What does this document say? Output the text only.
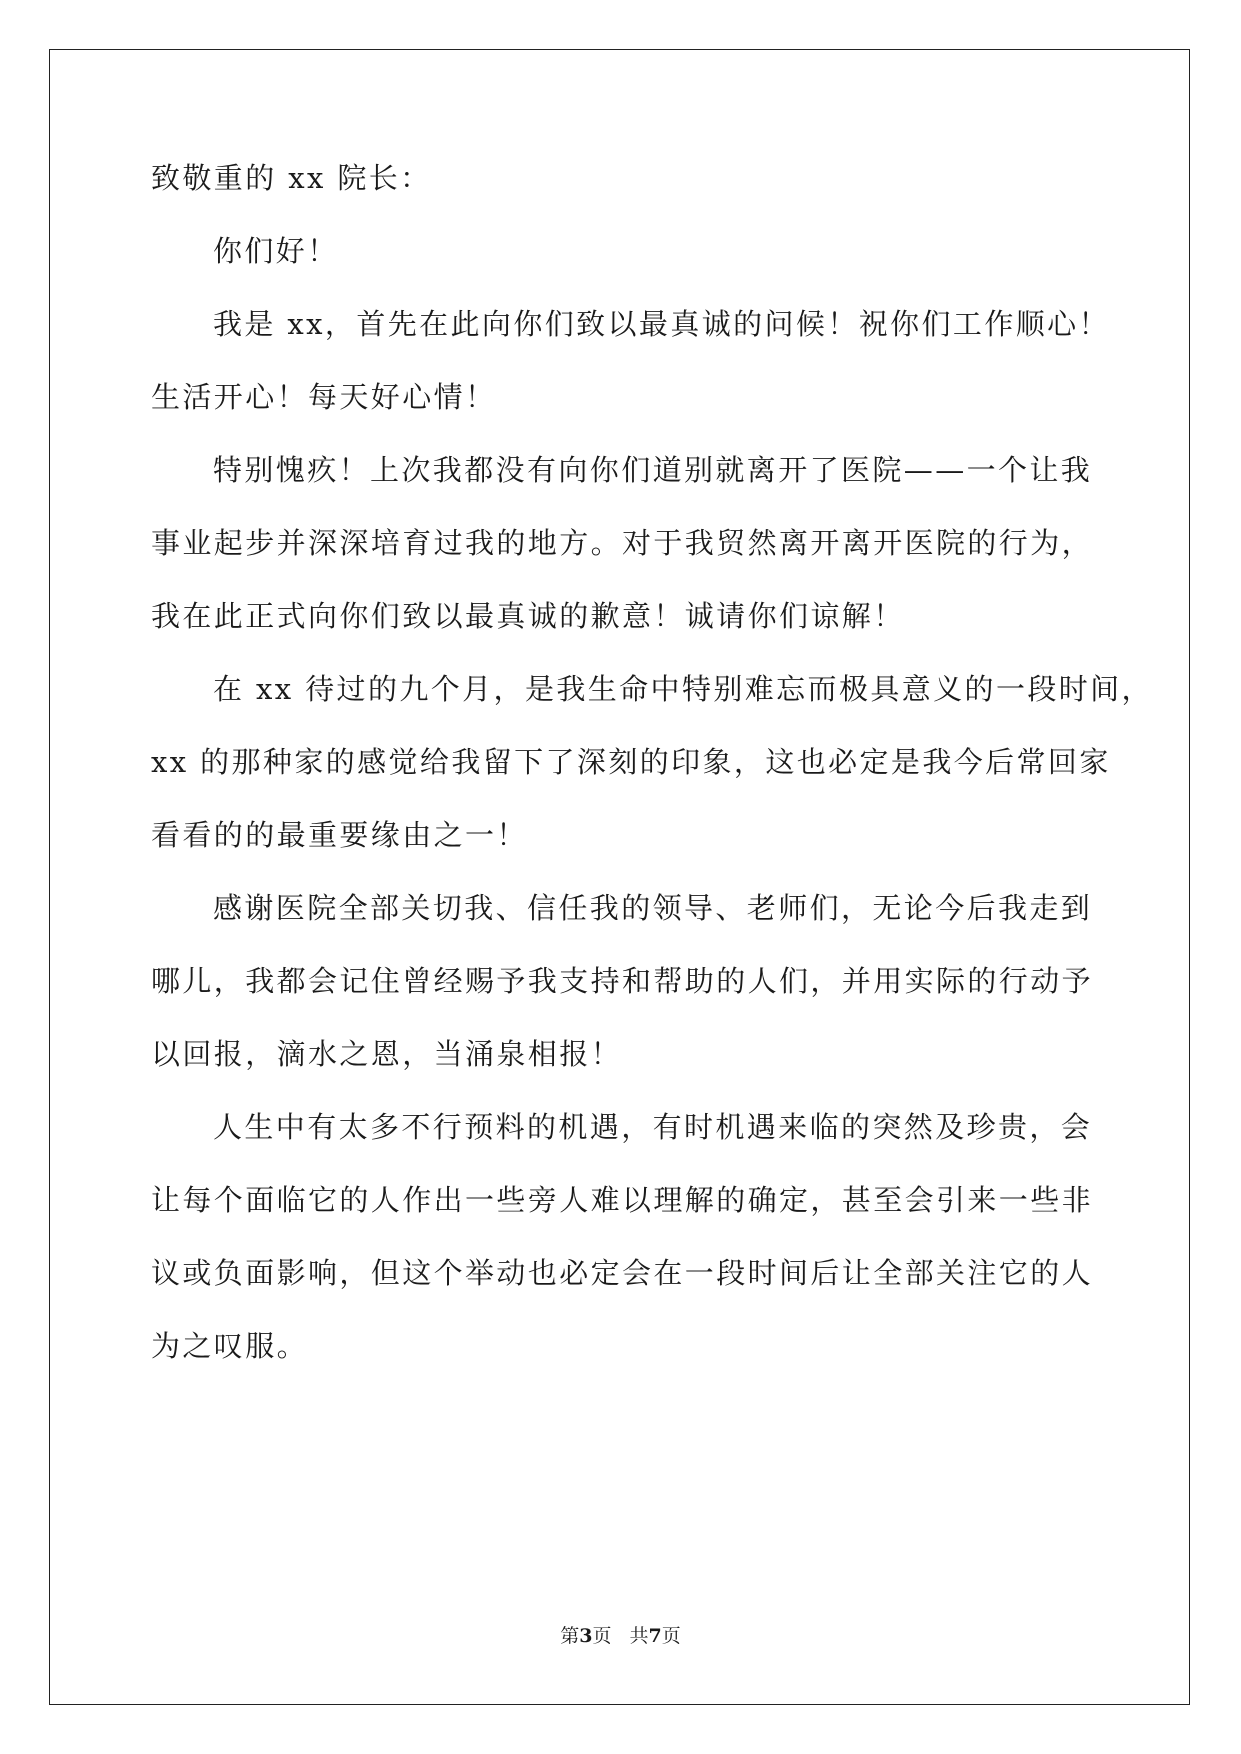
致敬重的 xx 院长：
你们好！
我是 xx，首先在此向你们致以最真诚的问候！祝你们工作顺心！
生活开心！每天好心情！
特别愧疚！上次我都没有向你们道别就离开了医院——一个让我
事业起步并深深培育过我的地方。对于我贸然离开离开医院的行为，
我在此正式向你们致以最真诚的歉意！诚请你们谅解！
在 xx 待过的九个月，是我生命中特别难忘而极具意义的一段时间，
xx 的那种家的感觉给我留下了深刻的印象，这也必定是我今后常回家
看看的的最重要缘由之一！
感谢医院全部关切我、信任我的领导、老师们，无论今后我走到
哪儿，我都会记住曾经赐予我支持和帮助的人们，并用实际的行动予
以回报，滴水之恩，当涌泉相报！
人生中有太多不行预料的机遇，有时机遇来临的突然及珍贵，会
让每个面临它的人作出一些旁人难以理解的确定，甚至会引来一些非
议或负面影响，但这个举动也必定会在一段时间后让全部关注它的人
为之叹服。
第3页 共7页
